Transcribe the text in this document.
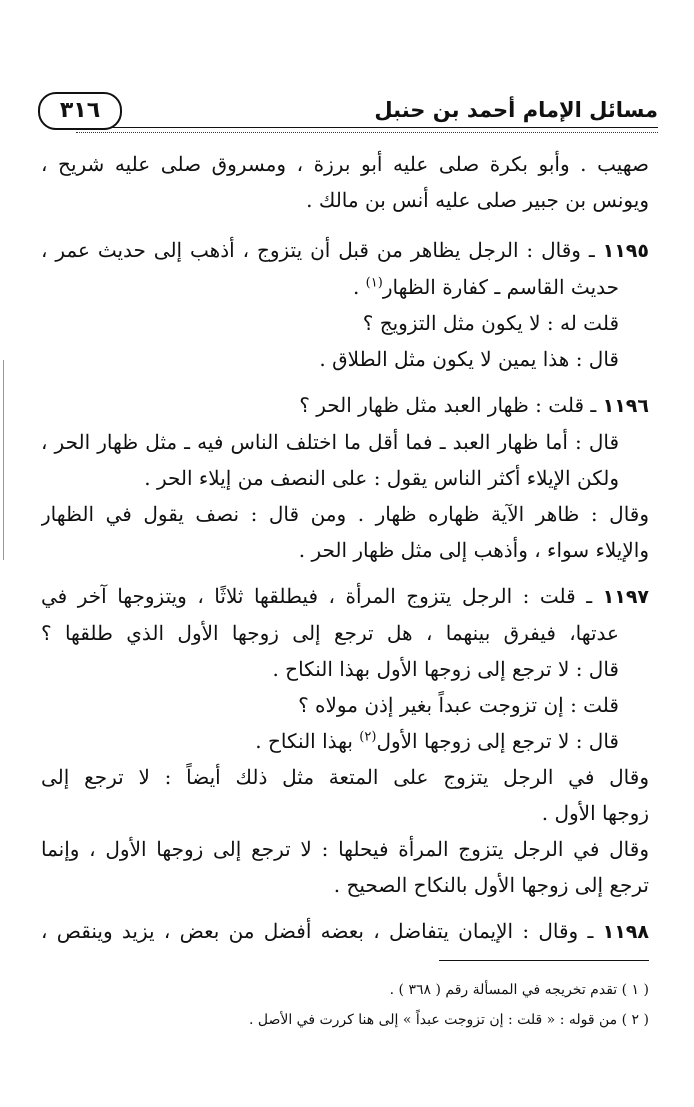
مسائل الإمام أحمد بن حنبل
٣١٦
صهيب . وأبو بكرة صلى عليه أبو برزة ، ومسروق صلى عليه شريح ،
ويونس بن جبير صلى عليه أنس بن مالك .
١١٩٥ ـ وقال : الرجل يظاهر من قبل أن يتزوج ، أذهب إلى حديث عمر ،
حديث القاسم ـ كفارة الظهار$^{(١)}$ .
قلت له : لا يكون مثل التزويج ؟
قال : هذا يمين لا يكون مثل الطلاق .
١١٩٦ ـ قلت : ظهار العبد مثل ظهار الحر ؟
قال : أما ظهار العبد ـ فما أقل ما اختلف الناس فيه ـ مثل ظهار الحر ،
ولكن الإيلاء أكثر الناس يقول : على النصف من إيلاء الحر .
وقال : ظاهر الآية ظهاره ظهار . ومن قال : نصف يقول في الظهار
والإيلاء سواء ، وأذهب إلى مثل ظهار الحر .
١١٩٧ ـ قلت : الرجل يتزوج المرأة ، فيطلقها ثلاثًا ، ويتزوجها آخر في
عدتها، فيفرق بينهما ، هل ترجع إلى زوجها الأول الذي طلقها ؟
قال : لا ترجع إلى زوجها الأول بهذا النكاح .
قلت : إن تزوجت عبداً بغير إذن مولاه ؟
قال : لا ترجع إلى زوجها الأول$^{(٢)}$ بهذا النكاح .
وقال في الرجل يتزوج على المتعة مثل ذلك أيضاً : لا ترجع إلى
زوجها الأول .
وقال في الرجل يتزوج المرأة فيحلها : لا ترجع إلى زوجها الأول ، وإنما
ترجع إلى زوجها الأول بالنكاح الصحيح .
١١٩٨ ـ وقال : الإيمان يتفاضل ، بعضه أفضل من بعض ، يزيد وينقص ،
( ١ ) تقدم تخريجه في المسألة رقم ( ٣٦٨ ) .
( ٢ ) من قوله : « قلت : إن تزوجت عبداً » إلى هنا كررت في الأصل .
